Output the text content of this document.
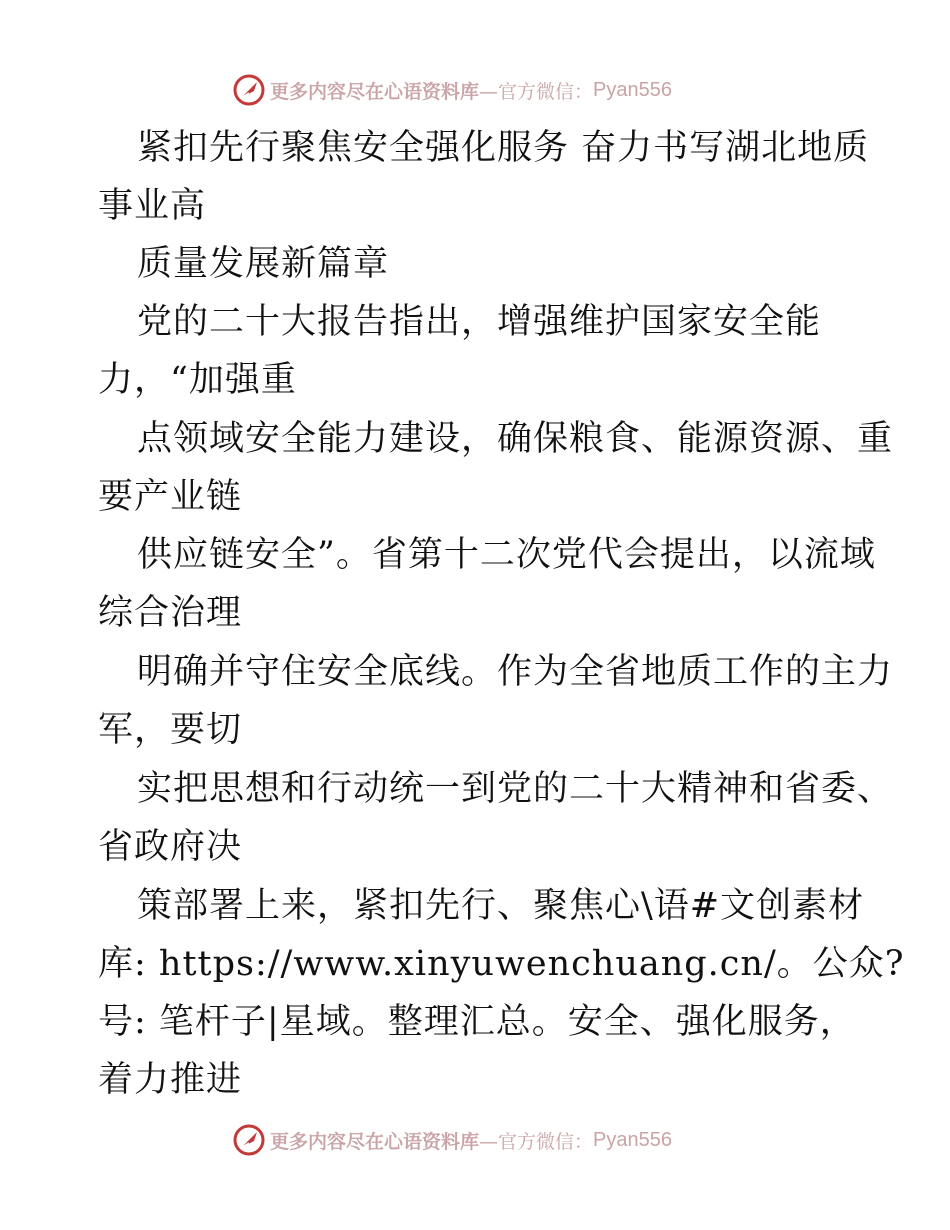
更多内容尽在心语资料库 —官方微信： Pyan556
紧扣先行聚焦安全强化服务 奋力书写湖北地质
事业高
质量发展新篇章
党的二十大报告指出，增强维护国家安全能
力，“加强重
点领域安全能力建设，确保粮食、能源资源、重
要产业链
供应链安全”。省第十二次党代会提出，以流域
综合治理
明确并守住安全底线。作为全省地质工作的主力
军，要切
实把思想和行动统一到党的二十大精神和省委、
省政府决
策部署上来，紧扣先行、聚焦心\语#文创素材
库: https://www.xinyuwenchuang.cn/。公众?
号: 笔杆子|星域。整理汇总。安全、强化服务，
着力推进
更多内容尽在心语资料库 —官方微信： Pyan556
